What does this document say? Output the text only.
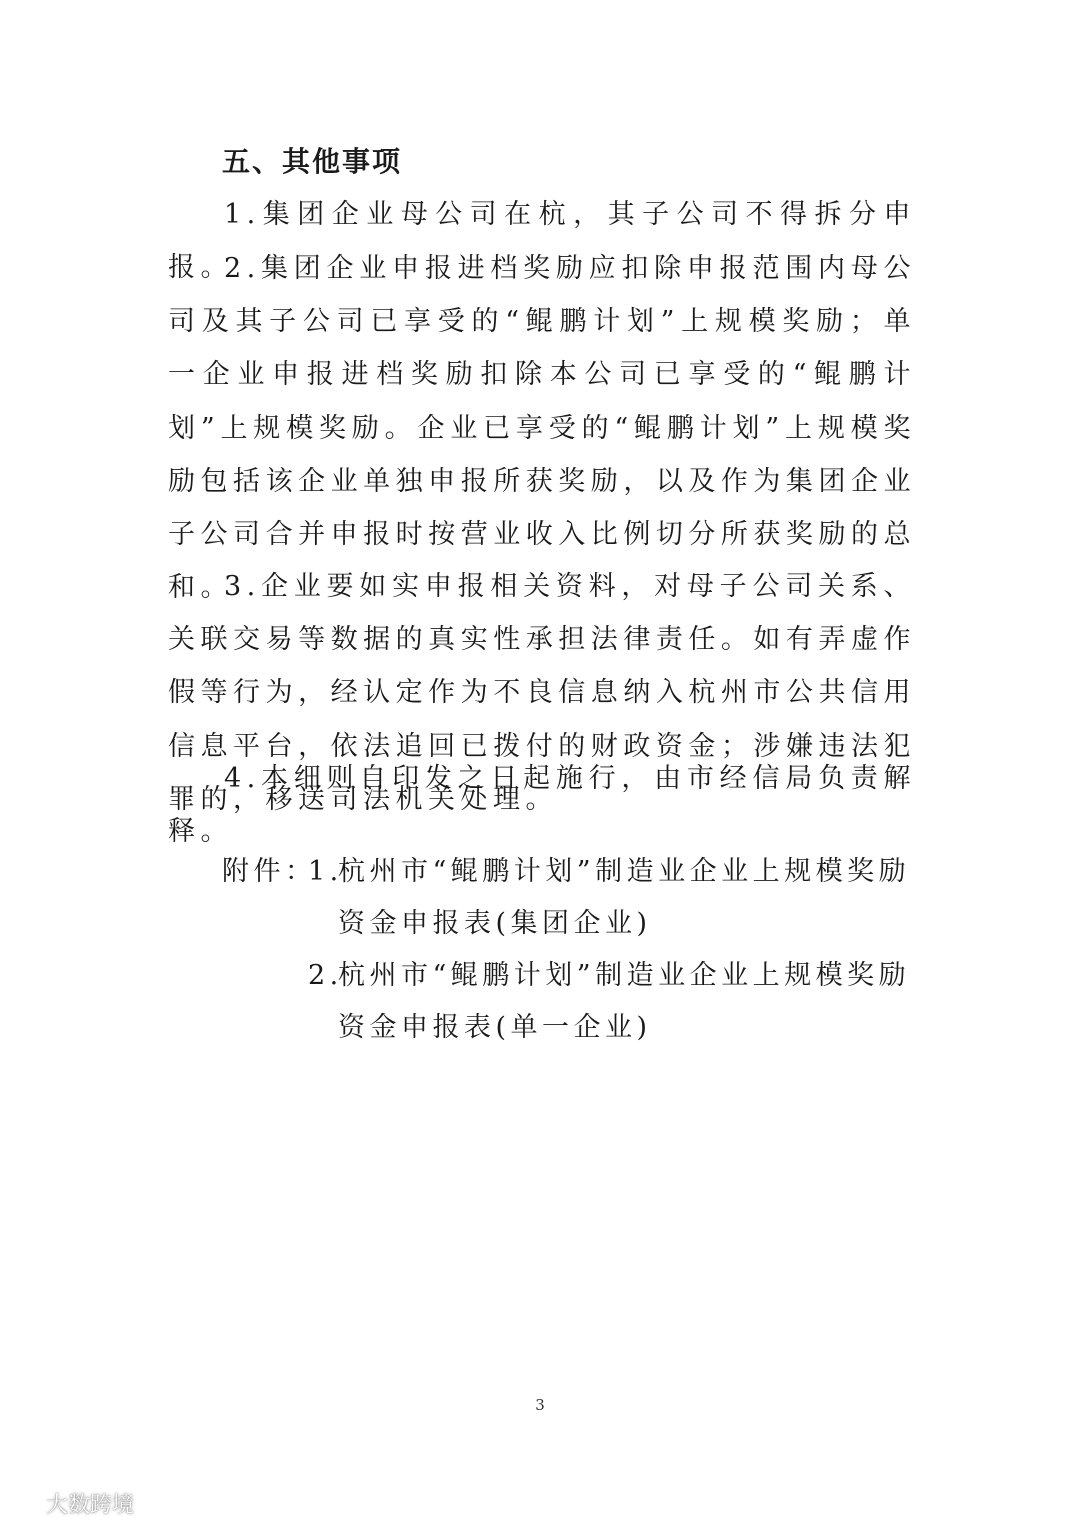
五、其他事项

1.集团企业母公司在杭，其子公司不得拆分申报。

2.集团企业申报进档奖励应扣除申报范围内母公司及其子公司已享受的“鲲鹏计划”上规模奖励；单一企业申报进档奖励扣除本公司已享受的“鲲鹏计划”上规模奖励。企业已享受的“鲲鹏计划”上规模奖励包括该企业单独申报所获奖励，以及作为集团企业子公司合并申报时按营业收入比例切分所获奖励的总和。

3.企业要如实申报相关资料，对母子公司关系、关联交易等数据的真实性承担法律责任。如有弄虚作假等行为，经认定作为不良信息纳入杭州市公共信用信息平台，依法追回已拨付的财政资金；涉嫌违法犯罪的，移送司法机关处理。

4.本细则自印发之日起施行，由市经信局负责解释。

附件：
1.
杭州市“鲲鹏计划”制造业企业上规模奖励
资金申报表(集团企业)
2.
杭州市“鲲鹏计划”制造业企业上规模奖励
资金申报表(单一企业)
3
大数跨境
